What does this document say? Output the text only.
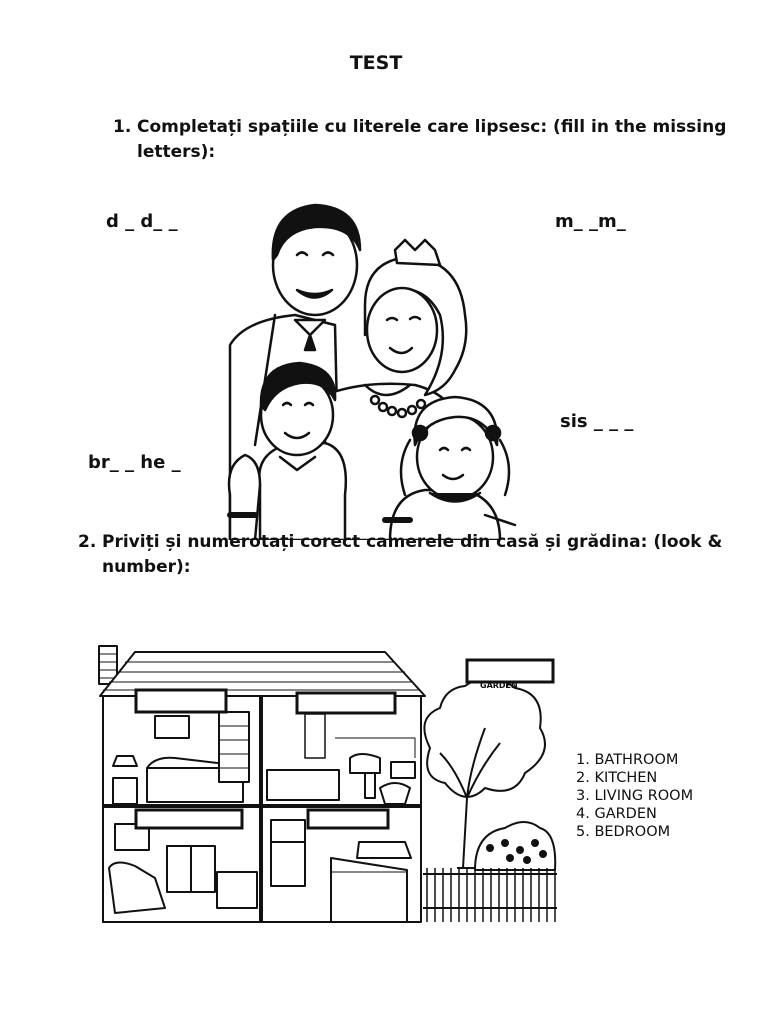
TEST
1. Completați spațiile cu literele care lipsesc: (fill in the missing letters):
d _ d_ _	m_ _m_
sis _ _ _
br_ _ he _
2. Priviți și numerotați corect camerele din casă și grădina: (look & number):
GARDEN
1. BATHROOM
2. KITCHEN
3. LIVING ROOM
4. GARDEN
5. BEDROOM
